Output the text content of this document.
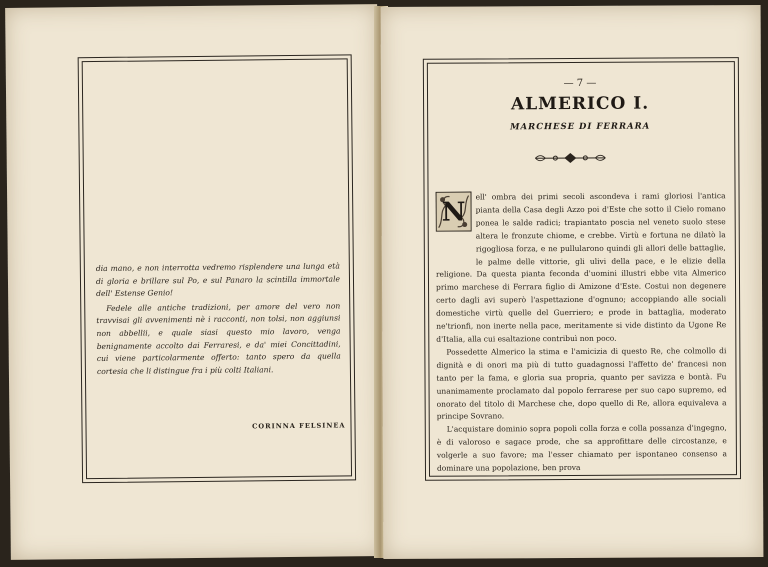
dia mano, e non interrotta vedremo risplendere una lunga età di gloria e brillare sul Po, e sul Panaro la scintilla immortale dell' Estense Genio!

Fedele alle antiche tradizioni, per amore del vero non travvisai gli avvenimenti nè i racconti, non tolsi, non aggiunsi non abbellii, e quale siasi questo mio lavoro, venga benignamente accolto dai Ferraresi, e da' miei Concittadini, cui viene particolarmente offerto: tanto spero da quella cortesia che li distingue fra i più colti Italiani.

CORINNA FELSINEA
— 7 —
ALMERICO I.
MARCHESE DI FERRARA
N

ell' ombra dei primi secoli ascondeva i rami gloriosi l'antica pianta della Casa degli Azzo poi d'Este che sotto il Cielo romano ponea le salde radici; trapiantato poscia nel veneto suolo stese altera le fronzute chiome, e crebbe. Virtù e fortuna ne dilatò la rigogliosa forza, e ne pullularono quindi gli allori delle battaglie, le palme delle vittorie, gli ulivi della pace, e le elizie della religione. Da questa pianta feconda d'uomini illustri ebbe vita Almerico primo marchese di Ferrara figlio di Amizone d'Este. Costui non degenere certo dagli avi superò l'aspettazione d'ognuno; accoppiando alle sociali domestiche virtù quelle del Guerriero; e prode in battaglia, moderato ne'trionfi, non inerte nella pace, meritamente si vide distinto da Ugone Re d'Italia, alla cui esaltazione contribuì non poco.

Possedette Almerico la stima e l'amicizia di questo Re, che colmollo di dignità e di onori ma più di tutto guadagnossi l'affetto de' francesi non tanto per la fama, e gloria sua propria, quanto per savizza e bontà. Fu unanimamente proclamato dal popolo ferrarese per suo capo supremo, ed onorato del titolo di Marchese che, dopo quello di Re, allora equivaleva a principe Sovrano.

L'acquistare dominio sopra popoli colla forza e colla possanza d'ingegno, è di valoroso e sagace prode, che sa approfittare delle circostanze, e volgerle a suo favore; ma l'esser chiamato per ispontaneo consenso a dominare una popolazione, ben prova
